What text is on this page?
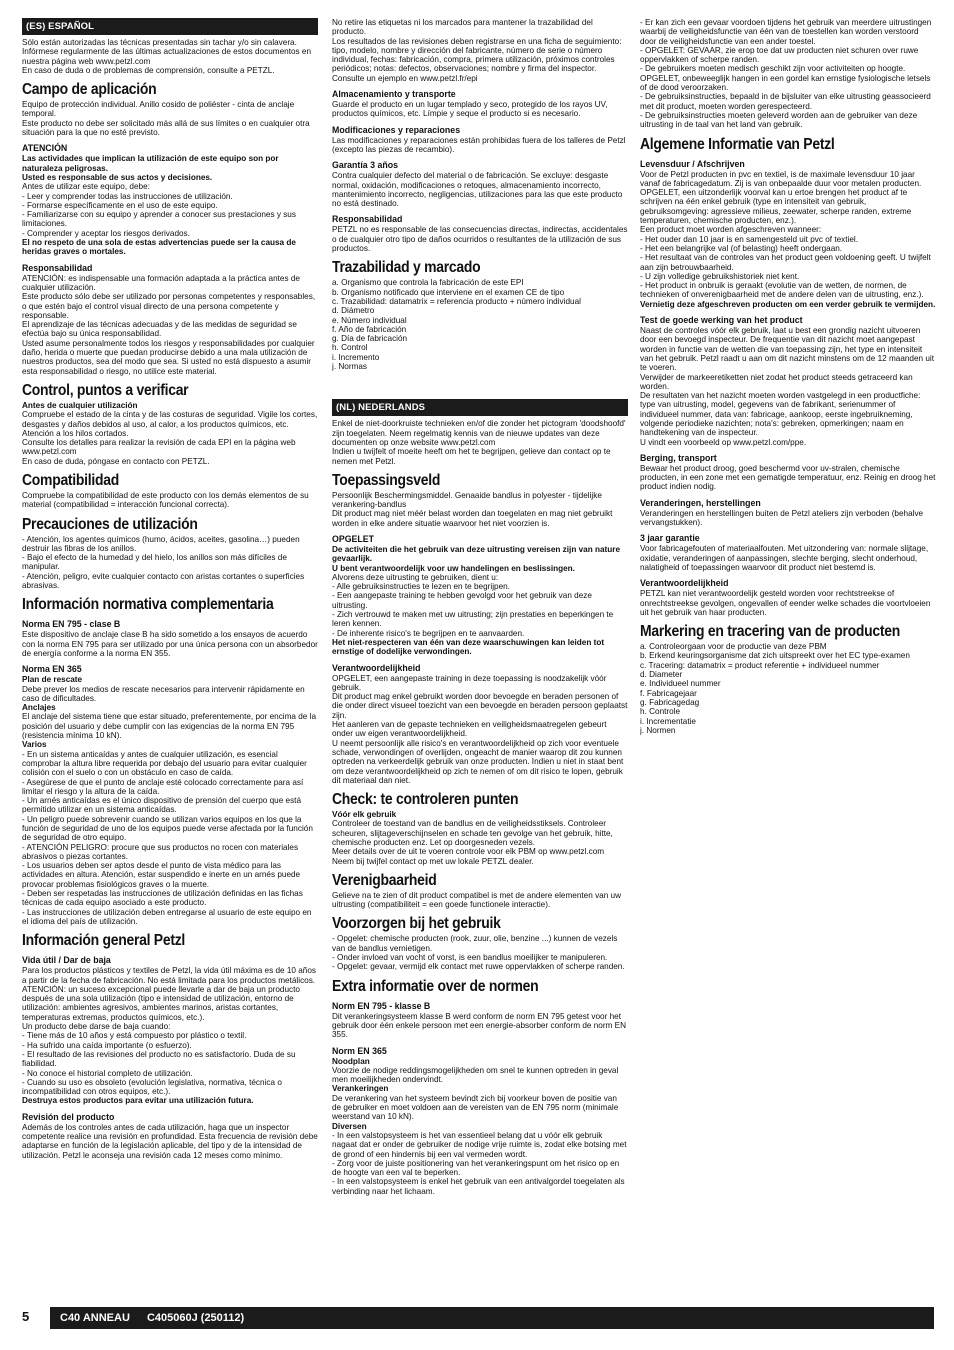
(ES) ESPAÑOL

Sólo están autorizadas las técnicas presentadas sin tachar y/o sin calavera.
Infórmese regularmente de las últimas actualizaciones de estos documentos en nuestra página web www.petzl.com
En caso de duda o de problemas de comprensión, consulte a PETZL.

Campo de aplicación

Equipo de protección individual. Anillo cosido de poliéster - cinta de anclaje temporal.
Este producto no debe ser solicitado más allá de sus límites o en cualquier otra situación para la que no esté previsto.

ATENCIÓN

Las actividades que implican la utilización de este equipo son por naturaleza peligrosas.
Usted es responsable de sus actos y decisiones.

Antes de utilizar este equipo, debe:
- Leer y comprender todas las instrucciones de utilización.
- Formarse específicamente en el uso de este equipo.
- Familiarizarse con su equipo y aprender a conocer sus prestaciones y sus limitaciones.
- Comprender y aceptar los riesgos derivados.

El no respeto de una sola de estas advertencias puede ser la causa de heridas graves o mortales.

Responsabilidad

ATENCIÓN: es indispensable una formación adaptada a la práctica antes de cualquier utilización.
Este producto sólo debe ser utilizado por personas competentes y responsables, o que estén bajo el control visual directo de una persona competente y responsable.
El aprendizaje de las técnicas adecuadas y de las medidas de seguridad se efectúa bajo su única responsabilidad.
Usted asume personalmente todos los riesgos y responsabilidades por cualquier daño, herida o muerte que puedan producirse debido a una mala utilización de nuestros productos, sea del modo que sea. Si usted no está dispuesto a asumir esta responsabilidad o riesgo, no utilice este material.

Control, puntos a verificar

Antes de cualquier utilización

Compruebe el estado de la cinta y de las costuras de seguridad. Vigile los cortes, desgastes y daños debidos al uso, al calor, a los productos químicos, etc. Atención a los hilos cortados.
Consulte los detalles para realizar la revisión de cada EPI en la página web www.petzl.com
En caso de duda, póngase en contacto con PETZL.

Compatibilidad

Compruebe la compatibilidad de este producto con los demás elementos de su material (compatibilidad = interacción funcional correcta).

Precauciones de utilización

- Atención, los agentes químicos (humo, ácidos, aceites, gasolina…) pueden destruir las fibras de los anillos.
- Bajo el efecto de la humedad y del hielo, los anillos son más difíciles de manipular.
- Atención, peligro, evite cualquier contacto con aristas cortantes o superficies abrasivas.

Información normativa complementaria
Norma EN 795 - clase B

Este dispositivo de anclaje clase B ha sido sometido a los ensayos de acuerdo con la norma EN 795 para ser utilizado por una única persona con un absorbedor de energía conforme a la norma EN 355.

Norma EN 365

Plan de rescate

Debe prever los medios de rescate necesarios para intervenir rápidamente en caso de dificultades.

Anclajes

El anclaje del sistema tiene que estar situado, preferentemente, por encima de la posición del usuario y debe cumplir con las exigencias de la norma EN 795 (resistencia mínima 10 kN).

Varios

- En un sistema anticaídas y antes de cualquier utilización, es esencial comprobar la altura libre requerida por debajo del usuario para evitar cualquier colisión con el suelo o con un obstáculo en caso de caída.
- Asegúrese de que el punto de anclaje esté colocado correctamente para así limitar el riesgo y la altura de la caída.
- Un arnés anticaídas es el único dispositivo de prensión del cuerpo que está permitido utilizar en un sistema anticaídas.
- Un peligro puede sobrevenir cuando se utilizan varios equipos en los que la función de seguridad de uno de los equipos puede verse afectada por la función de seguridad de otro equipo.
- ATENCIÓN PELIGRO: procure que sus productos no rocen con materiales abrasivos o piezas cortantes.
- Los usuarios deben ser aptos desde el punto de vista médico para las actividades en altura. Atención, estar suspendido e inerte en un arnés puede provocar problemas fisiológicos graves o la muerte.
- Deben ser respetadas las instrucciones de utilización definidas en las fichas técnicas de cada equipo asociado a este producto.
- Las instrucciones de utilización deben entregarse al usuario de este equipo en el idioma del país de utilización.

Información general Petzl
Vida útil / Dar de baja

Para los productos plásticos y textiles de Petzl, la vida útil máxima es de 10 años a partir de la fecha de fabricación. No está limitada para los productos metálicos.
ATENCIÓN: un suceso excepcional puede llevarle a dar de baja un producto después de una sola utilización (tipo e intensidad de utilización, entorno de utilización: ambientes agresivos, ambientes marinos, aristas cortantes, temperaturas extremas, productos químicos, etc.).
Un producto debe darse de baja cuando:
- Tiene más de 10 años y está compuesto por plástico o textil.
- Ha sufrido una caída importante (o esfuerzo).
- El resultado de las revisiones del producto no es satisfactorio. Duda de su fiabilidad.
- No conoce el historial completo de utilización.
- Cuando su uso es obsoleto (evolución legislativa, normativa, técnica o incompatibilidad con otros equipos, etc.).

Destruya estos productos para evitar una utilización futura.

Revisión del producto

Además de los controles antes de cada utilización, haga que un inspector competente realice una revisión en profundidad. Esta frecuencia de revisión debe adaptarse en función de la legislación aplicable, del tipo y de la intensidad de utilización. Petzl le aconseja una revisión cada 12 meses como mínimo.

No retire las etiquetas ni los marcados para mantener la trazabilidad del producto.
Los resultados de las revisiones deben registrarse en una ficha de seguimiento: tipo, modelo, nombre y dirección del fabricante, número de serie o número individual, fechas: fabricación, compra, primera utilización, próximos controles periódicos; notas: defectos, observaciones; nombre y firma del inspector.
Consulte un ejemplo en www.petzl.fr/epi

Almacenamiento y transporte

Guarde el producto en un lugar templado y seco, protegido de los rayos UV, productos químicos, etc. Límpie y seque el producto si es necesario.

Modificaciones y reparaciones

Las modificaciones y reparaciones están prohibidas fuera de los talleres de Petzl (excepto las piezas de recambio).

Garantía 3 años

Contra cualquier defecto del material o de fabricación. Se excluye: desgaste normal, oxidación, modificaciones o retoques, almacenamiento incorrecto, mantenimiento incorrecto, negligencias, utilizaciones para las que este producto no está destinado.

Responsabilidad

PETZL no es responsable de las consecuencias directas, indirectas, accidentales o de cualquier otro tipo de daños ocurridos o resultantes de la utilización de sus productos.

Trazabilidad y marcado

a. Organismo que controla la fabricación de este EPI
b. Organismo notificado que interviene en el examen CE de tipo
c. Trazabilidad: datamatrix = referencia producto + número individual
d. Diámetro
e. Número individual
f. Año de fabricación
g. Día de fabricación
h. Control
i. Incremento
j. Normas

(NL) NEDERLANDS

Enkel de niet-doorkruiste technieken en/of die zonder het pictogram 'doodshoofd' zijn toegelaten. Neem regelmatig kennis van de nieuwe updates van deze documenten op onze website www.petzl.com
Indien u twijfelt of moeite heeft om het te begrijpen, gelieve dan contact op te nemen met Petzl.

Toepassingsveld

Persoonlijk Beschermingsmiddel. Genaaide bandlus in polyester - tijdelijke verankering-bandlus
Dit product mag niet méér belast worden dan toegelaten en mag niet gebruikt worden in elke andere situatie waarvoor het niet voorzien is.

OPGELET

De activiteiten die het gebruik van deze uitrusting vereisen zijn van nature gevaarlijk.
U bent verantwoordelijk voor uw handelingen en beslissingen.

Alvorens deze uitrusting te gebruiken, dient u:
- Alle gebruiksinstructies te lezen en te begrijpen.
- Een aangepaste training te hebben gevolgd voor het gebruik van deze uitrusting.
- Zich vertrouwd te maken met uw uitrusting; zijn prestaties en beperkingen te leren kennen.
- De inherente risico's te begrijpen en te aanvaarden.

Het niet-respecteren van één van deze waarschuwingen kan leiden tot ernstige of dodelijke verwondingen.

Verantwoordelijkheid

OPGELET, een aangepaste training in deze toepassing is noodzakelijk vóór gebruik.
Dit product mag enkel gebruikt worden door bevoegde en beraden personen of die onder direct visueel toezicht van een bevoegde en beraden persoon geplaatst zijn.
Het aanleren van de gepaste technieken en veiligheidsmaatregelen gebeurt onder uw eigen verantwoordelijkheid.
U neemt persoonlijk alle risico's en verantwoordelijkheid op zich voor eventuele schade, verwondingen of overlijden, ongeacht de manier waarop dit zou kunnen optreden na verkeerdelijk gebruik van onze producten. Indien u niet in staat bent om deze verantwoordelijkheid op zich te nemen of om dit risico te lopen, gebruik dit materiaal dan niet.

Check: te controleren punten

Vóór elk gebruik

Controleer de toestand van de bandlus en de veiligheidsstiksels. Controleer scheuren, slijtageverschijnselen en schade ten gevolge van het gebruik, hitte, chemische producten enz. Let op doorgesneden vezels.
Meer details over de uit te voeren controle voor elk PBM op www.petzl.com
Neem bij twijfel contact op met uw lokale PETZL dealer.

Verenigbaarheid

Gelieve na te zien of dit product compatibel is met de andere elementen van uw uitrusting (compatibiliteit = een goede functionele interactie).

Voorzorgen bij het gebruik

- Opgelet: chemische producten (rook, zuur, olie, benzine ...) kunnen de vezels van de bandlus vernietigen.
- Onder invloed van vocht of vorst, is een bandlus moeilijker te manipuleren.
- Opgelet: gevaar, vermijd elk contact met ruwe oppervlakken of scherpe randen.

Extra informatie over de normen
Norm EN 795 - klasse B

Dit verankeringsysteem klasse B werd conform de norm EN 795 getest voor het gebruik door één enkele persoon met een energie-absorber conform de norm EN 355.

Norm EN 365

Noodplan

Voorzie de nodige reddingsmogelijkheden om snel te kunnen optreden in geval men moeilijkheden ondervindt.

Verankeringen

De verankering van het systeem bevindt zich bij voorkeur boven de positie van de gebruiker en moet voldoen aan de vereisten van de EN 795 norm (minimale weerstand van 10 kN).

Diversen

- In een valstopsysteem is het van essentieel belang dat u vóór elk gebruik nagaat dat er onder de gebruiker de nodige vrije ruimte is, zodat elke botsing met de grond of een hindernis bij een val vermeden wordt.
- Zorg voor de juiste positionering van het verankeringspunt om het risico op en de hoogte van een val te beperken.
- In een valstopsysteem is enkel het gebruik van een antivalgordel toegelaten als verbinding naar het lichaam.

- Er kan zich een gevaar voordoen tijdens het gebruik van meerdere uitrustingen waarbij de veiligheidsfunctie van één van de toestellen kan worden verstoord door de veiligheidsfunctie van een ander toestel.
- OPGELET: GEVAAR, zie erop toe dat uw producten niet schuren over ruwe oppervlakken of scherpe randen.
- De gebruikers moeten medisch geschikt zijn voor activiteiten op hoogte. OPGELET, onbeweeglijk hangen in een gordel kan ernstige fysiologische letsels of de dood veroorzaken.
- De gebruiksinstructies, bepaald in de bijsluiter van elke uitrusting geassocieerd met dit product, moeten worden gerespecteerd.
- De gebruiksinstructies moeten geleverd worden aan de gebruiker van deze uitrusting in de taal van het land van gebruik.

Algemene Informatie van Petzl
Levensduur / Afschrijven

Voor de Petzl producten in pvc en textiel, is de maximale levensduur 10 jaar vanaf de fabricagedatum. Zij is van onbepaalde duur voor metalen producten.
OPGELET, een uitzonderlijk voorval kan u ertoe brengen het product af te schrijven na één enkel gebruik (type en intensiteit van gebruik, gebruiksomgeving: agressieve milieus, zeewater, scherpe randen, extreme temperaturen, chemische producten, enz.).
Een product moet worden afgeschreven wanneer:
- Het ouder dan 10 jaar is en samengesteld uit pvc of textiel.
- Het een belangrijke val (of belasting) heeft ondergaan.
- Het resultaat van de controles van het product geen voldoening geeft. U twijfelt aan zijn betrouwbaarheid.
- U zijn volledige gebruikshistoriek niet kent.
- Het product in onbruik is geraakt (evolutie van de wetten, de normen, de technieken of onverenigbaarheid met de andere delen van de uitrusting, enz.).

Vernietig deze afgeschreven producten om een verder gebruik te vermijden.

Test de goede werking van het product

Naast de controles vóór elk gebruik, laat u best een grondig nazicht uitvoeren door een bevoegd inspecteur. De frequentie van dit nazicht moet aangepast worden in functie van de wetten die van toepassing zijn, het type en intensiteit van het gebruik. Petzl raadt u aan om dit nazicht minstens om de 12 maanden uit te voeren.
Verwijder de markeeretiketten niet zodat het product steeds getraceerd kan worden.
De resultaten van het nazicht moeten worden vastgelegd in een productfiche: type van uitrusting, model, gegevens van de fabrikant, serienummer of individueel nummer, data van: fabricage, aankoop, eerste ingebruikneming, volgende periodieke nazichten; nota's: gebreken, opmerkingen; naam en handtekening van de inspecteur.
U vindt een voorbeeld op www.petzl.com/ppe.

Berging, transport

Bewaar het product droog, goed beschermd voor uv-stralen, chemische producten, in een zone met een gematigde temperatuur, enz. Reinig en droog het product indien nodig.

Veranderingen, herstellingen

Veranderingen en herstellingen buiten de Petzl ateliers zijn verboden (behalve vervangstukken).

3 jaar garantie

Voor fabricagefouten of materiaalfouten. Met uitzondering van: normale slijtage, oxidatie, veranderingen of aanpassingen, slechte berging, slecht onderhoud, nalatigheid of toepassingen waarvoor dit product niet bestemd is.

Verantwoordelijkheid

PETZL kan niet verantwoordelijk gesteld worden voor rechtstreekse of onrechtstreekse gevolgen, ongevallen of eender welke schades die voortvloeien uit het gebruik van haar producten.

Markering en tracering van de producten

a. Controleorgaan voor de productie van deze PBM
b. Erkend keuringsorganisme dat zich uitspreekt over het EC type-examen
c. Tracering: datamatrix = product referentie + individueel nummer
d. Diameter
e. Individueel nummer
f. Fabricagejaar
g. Fabricagedag
h. Controle
i. Incrementatie
j. Normen

5	C40 ANNEAU C405060J (250112)
